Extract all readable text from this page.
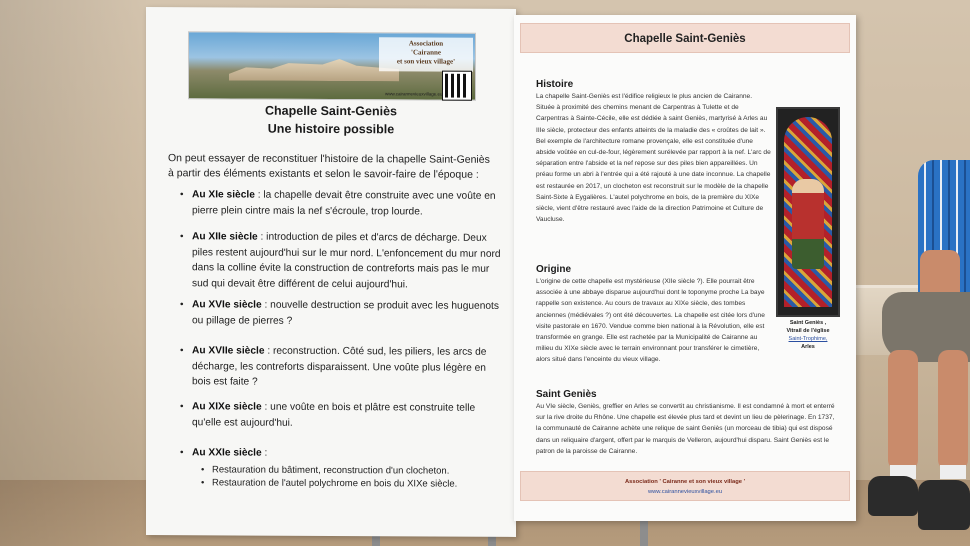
Association
'Cairanne
et son vieux village'
www.cairannevieuxvillage.eu
Chapelle Saint-Geniès
Une histoire possible
On peut essayer de reconstituer l'histoire de la chapelle Saint-Geniès à partir des éléments existants et selon le savoir-faire de l'époque :
• Au XIe siècle : la chapelle devait être construite avec une voûte en pierre plein cintre mais la nef s'écroule, trop lourde.
• Au XIIe siècle : introduction de piles et d'arcs de décharge. Deux piles restent aujourd'hui sur le mur nord. L'enfoncement du mur nord dans la colline évite la construction de contreforts mais pas le mur sud qui devait être différent de celui aujourd'hui.
• Au XVIe siècle : nouvelle destruction se produit avec les huguenots ou pillage de pierres ?
• Au XVIIe siècle : reconstruction. Côté sud, les piliers, les arcs de décharge, les contreforts disparaissent. Une voûte plus légère en bois est faite ?
• Au XIXe siècle : une voûte en bois et plâtre est construite telle qu'elle est aujourd'hui.
• Au XXIe siècle :
• Restauration du bâtiment, reconstruction d'un clocheton.
• Restauration de l'autel polychrome en bois du XIXe siècle.
Chapelle Saint-Geniès
Histoire
La chapelle Saint-Geniès est l'édifice religieux le plus ancien de Cairanne. Située à proximité des chemins menant de Carpentras à Tulette et de Carpentras à Sainte-Cécile, elle est dédiée à saint Geniès, martyrisé à Arles au IIIe siècle, protecteur des enfants atteints de la maladie des « croûtes de lait ». Bel exemple de l'architecture romane provençale, elle est constituée d'une abside voûtée en cul-de-four, légèrement surélevée par rapport à la nef. L'arc de séparation entre l'abside et la nef repose sur des piles bien appareillées. Un préau forme un abri à l'entrée qui a été rajouté à une date inconnue. La chapelle est restaurée en 2017, un clocheton est reconstruit sur le modèle de la chapelle Saint-Sixte à Eygalières. L'autel polychrome en bois, de la première du XIXe siècle, vient d'être restauré avec l'aide de la direction Patrimoine et Culture de Vaucluse.
Saint Geniès ,
Vitrail de l'église
Saint-Trophime,
Arles
Origine
L'origine de cette chapelle est mystérieuse (XIIe siècle ?). Elle pourrait être associée à une abbaye disparue aujourd'hui dont le toponyme proche La baye rappelle son existence. Au cours de travaux au XIXe siècle, des tombes anciennes (médiévales ?) ont été découvertes. La chapelle est citée lors d'une visite pastorale en 1670. Vendue comme bien national à la Révolution, elle est transformée en grange. Elle est rachetée par la Municipalité de Cairanne au milieu du XIXe siècle avec le terrain environnant pour transférer le cimetière, alors situé dans l'enceinte du vieux village.
Saint Geniès
Au VIe siècle, Geniès, greffier en Arles se convertit au christianisme. Il est condamné à mort et enterré sur la rive droite du Rhône. Une chapelle est élevée plus tard et devint un lieu de pèlerinage. En 1737, la communauté de Cairanne achète une relique de saint Geniès (un morceau de tibia) qui est disposé dans un reliquaire d'argent, offert par le marquis de Velleron, aujourd'hui disparu. Saint Geniès est le patron de la paroisse de Cairanne.
Association ' Cairanne et son vieux village '
www.cairannevieuxvillage.eu
